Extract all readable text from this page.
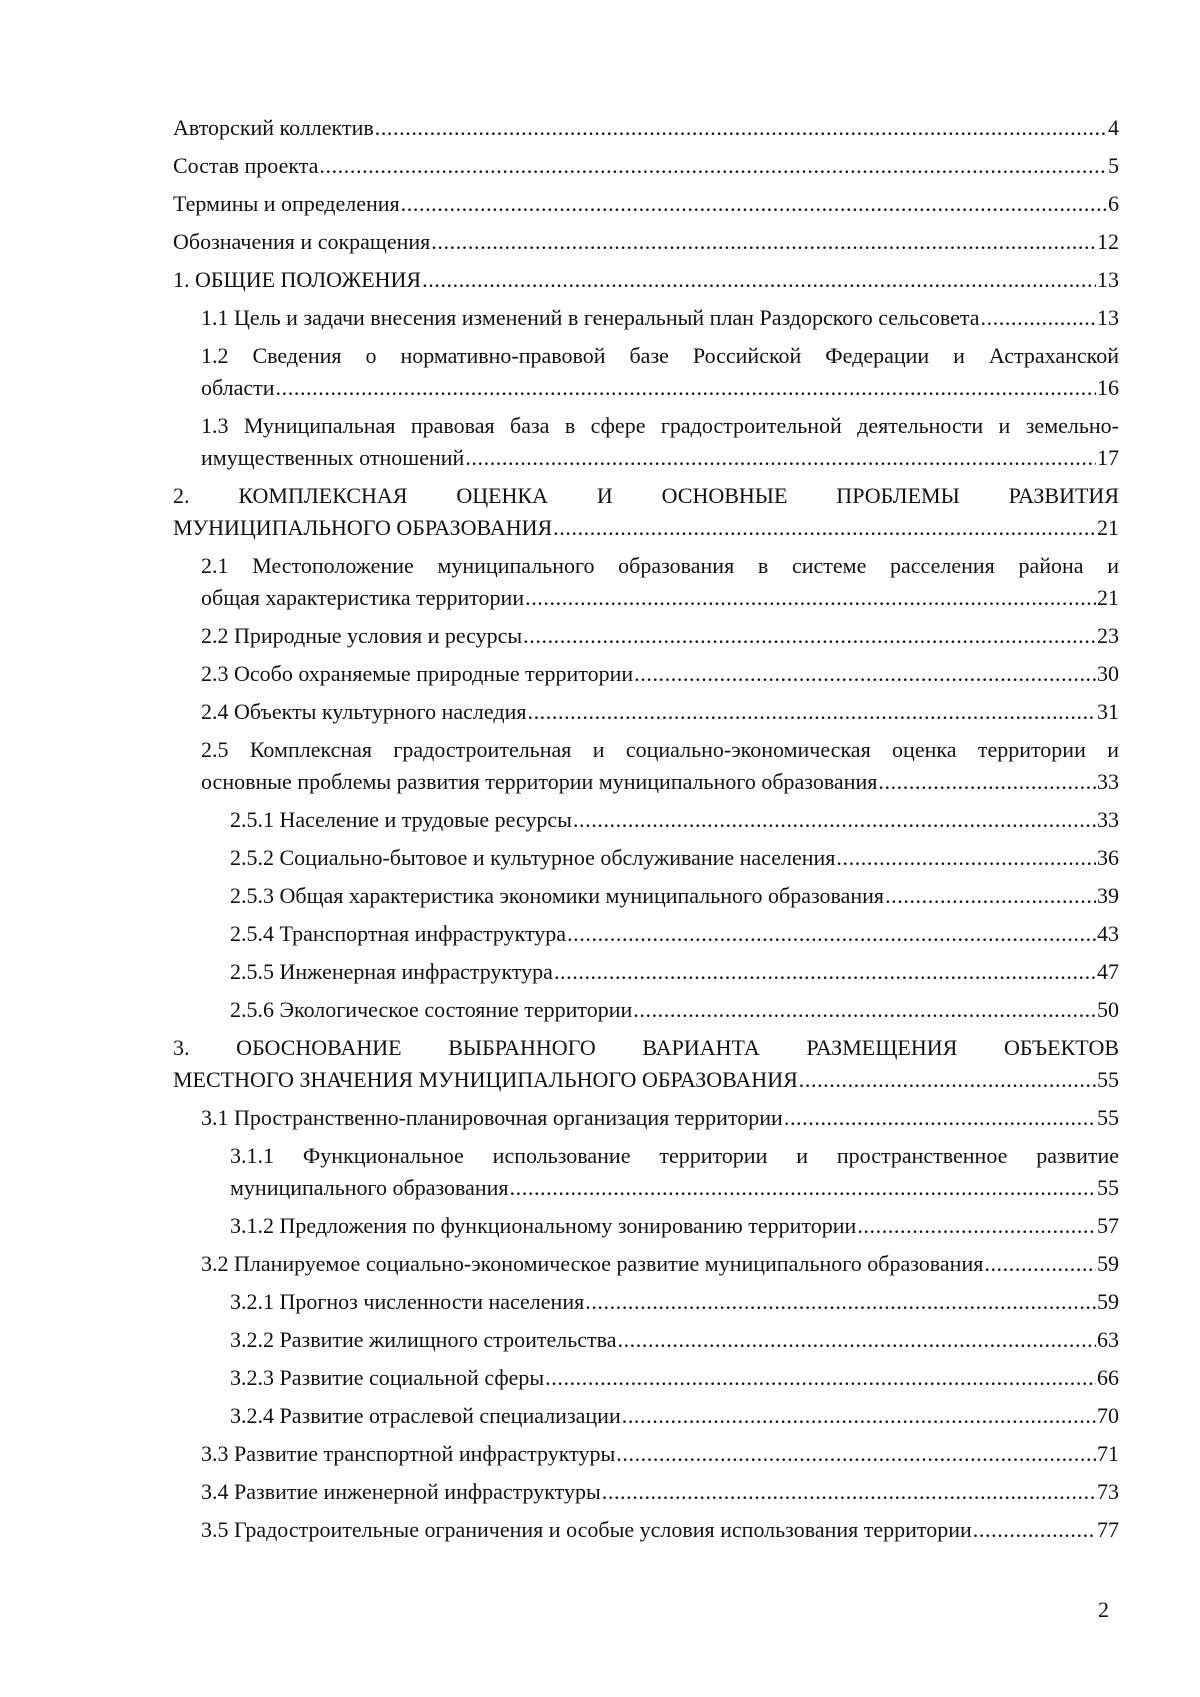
Авторский коллектив .....	4
Состав проекта .....	5
Термины и определения .....	6
Обозначения и сокращения .....	12
1. ОБЩИЕ ПОЛОЖЕНИЯ .....	13
1.1 Цель и задачи внесения изменений в генеральный план Раздорского сельсовета .....	13
1.2 Сведения о нормативно-правовой базе Российской Федерации и Астраханской
области .....	16
1.3 Муниципальная правовая база в сфере градостроительной деятельности и земельно-
имущественных отношений .....	17
2. КОМПЛЕКСНАЯ ОЦЕНКА И ОСНОВНЫЕ ПРОБЛЕМЫ РАЗВИТИЯ
МУНИЦИПАЛЬНОГО ОБРАЗОВАНИЯ .....	21
2.1 Местоположение муниципального образования в системе расселения района и
общая характеристика территории .....	21
2.2 Природные условия и ресурсы .....	23
2.3 Особо охраняемые природные территории .....	30
2.4 Объекты культурного наследия .....	31
2.5 Комплексная градостроительная и социально-экономическая оценка территории и
основные проблемы развития территории муниципального образования .....	33
2.5.1 Население и трудовые ресурсы .....	33
2.5.2 Социально-бытовое и культурное обслуживание населения .....	36
2.5.3 Общая характеристика экономики муниципального образования .....	39
2.5.4 Транспортная инфраструктура .....	43
2.5.5 Инженерная инфраструктура .....	47
2.5.6 Экологическое состояние территории .....	50
3. ОБОСНОВАНИЕ ВЫБРАННОГО ВАРИАНТА РАЗМЕЩЕНИЯ ОБЪЕКТОВ
МЕСТНОГО ЗНАЧЕНИЯ МУНИЦИПАЛЬНОГО ОБРАЗОВАНИЯ .....	55
3.1 Пространственно-планировочная организация территории .....	55
3.1.1 Функциональное использование территории и пространственное развитие
муниципального образования .....	55
3.1.2 Предложения по функциональному зонированию территории .....	57
3.2 Планируемое социально-экономическое развитие муниципального образования .....	59
3.2.1 Прогноз численности населения .....	59
3.2.2 Развитие жилищного строительства .....	63
3.2.3 Развитие социальной сферы .....	66
3.2.4 Развитие отраслевой специализации .....	70
3.3 Развитие транспортной инфраструктуры .....	71
3.4 Развитие инженерной инфраструктуры .....	73
3.5 Градостроительные ограничения и особые условия использования территории .....	77
2
